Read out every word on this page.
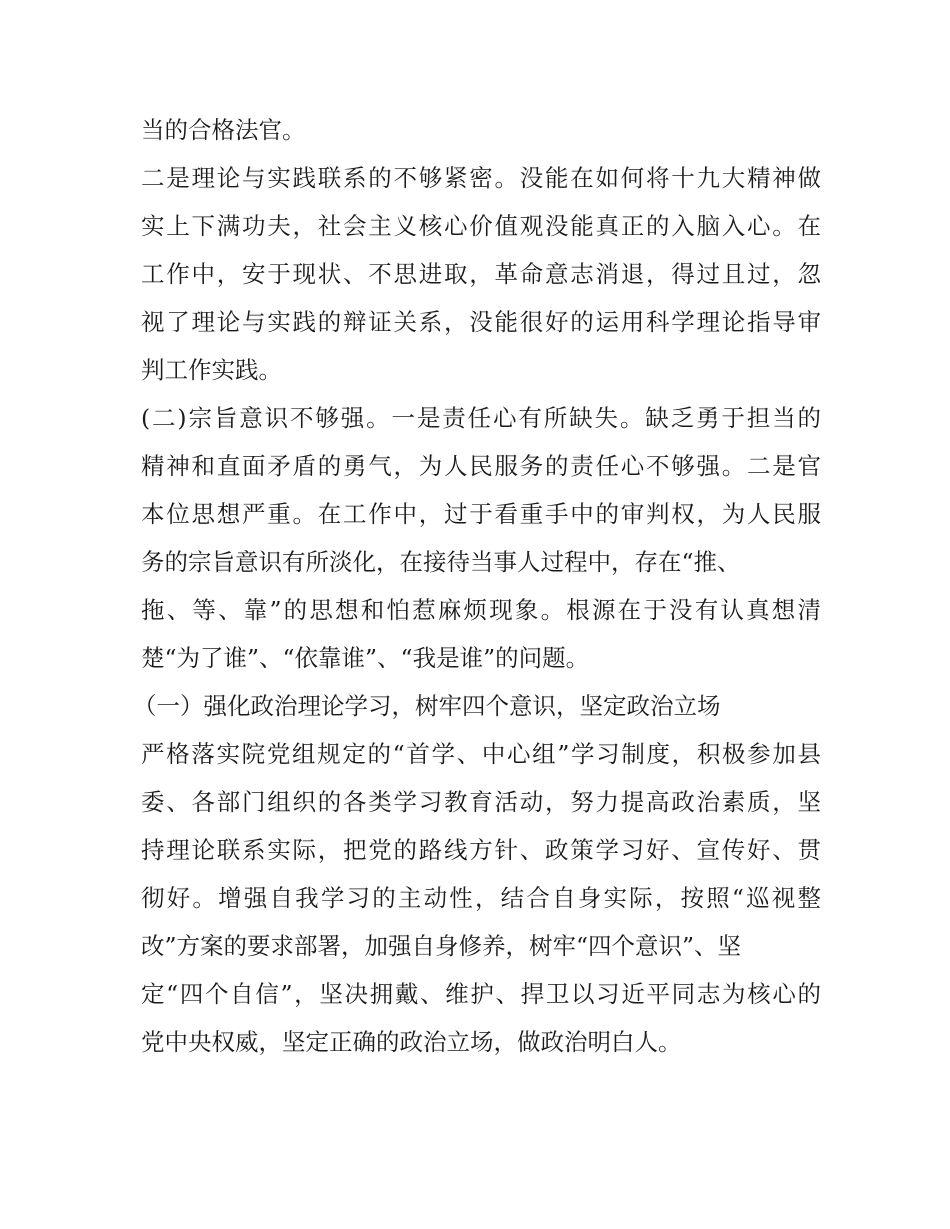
当的合格法官。
二是理论与实践联系的不够紧密。没能在如何将十九大精神做
实上下满功夫，社会主义核心价值观没能真正的入脑入心。在
工作中，安于现状、不思进取，革命意志消退，得过且过，忽
视了理论与实践的辩证关系，没能很好的运用科学理论指导审
判工作实践。
(二)宗旨意识不够强。一是责任心有所缺失。缺乏勇于担当的
精神和直面矛盾的勇气，为人民服务的责任心不够强。二是官
本位思想严重。在工作中，过于看重手中的审判权，为人民服
务的宗旨意识有所淡化，在接待当事人过程中，存在“推、
拖、等、靠”的思想和怕惹麻烦现象。根源在于没有认真想清
楚“为了谁”、“依靠谁”、“我是谁”的问题。
（一）强化政治理论学习，树牢四个意识，坚定政治立场
严格落实院党组规定的“首学、中心组”学习制度，积极参加县
委、各部门组织的各类学习教育活动，努力提高政治素质，坚
持理论联系实际，把党的路线方针、政策学习好、宣传好、贯
彻好。增强自我学习的主动性，结合自身实际，按照“巡视整
改”方案的要求部署，加强自身修养，树牢“四个意识”、坚
定“四个自信”，坚决拥戴、维护、捍卫以习近平同志为核心的
党中央权威，坚定正确的政治立场，做政治明白人。
